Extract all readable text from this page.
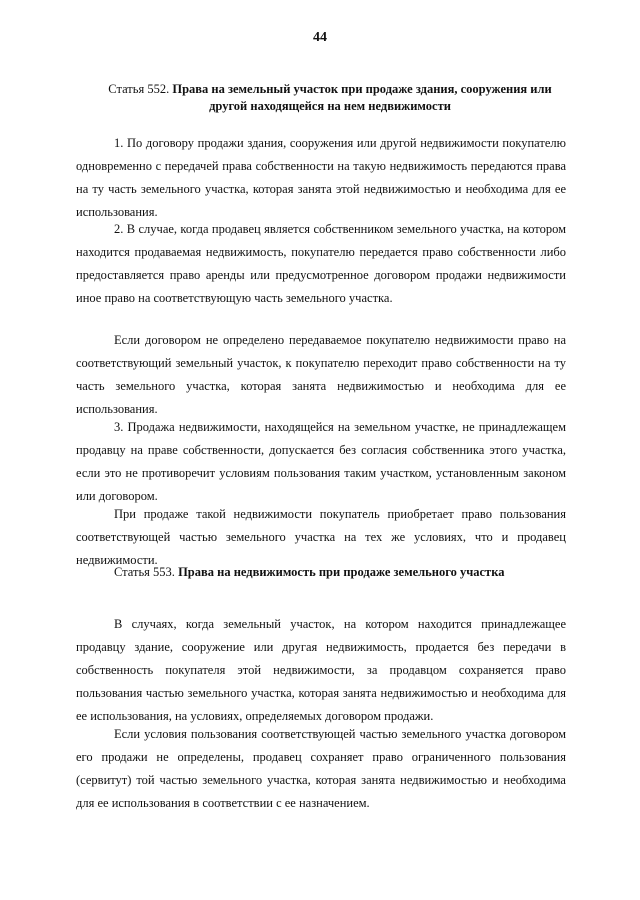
44
Статья 552. Права на земельный участок при продаже здания, сооружения или другой находящейся на нем недвижимости

1. По договору продажи здания, сооружения или другой недвижимости покупателю одновременно с передачей права собственности на такую недвижимость передаются права на ту часть земельного участка, которая занята этой недвижимостью и необходима для ее использования.

2. В случае, когда продавец является собственником земельного участка, на котором находится продаваемая недвижимость, покупателю передается право собственности либо предоставляется право аренды или предусмотренное договором продажи недвижимости иное право на соответствующую часть земельного участка.

Если договором не определено передаваемое покупателю недвижимости право на соответствующий земельный участок, к покупателю переходит право собственности на ту часть земельного участка, которая занята недвижимостью и необходима для ее использования.

3. Продажа недвижимости, находящейся на земельном участке, не принадлежащем продавцу на праве собственности, допускается без согласия собственника этого участка, если это не противоречит условиям пользования таким участком, установленным законом или договором.

При продаже такой недвижимости покупатель приобретает право пользования соответствующей частью земельного участка на тех же условиях, что и продавец недвижимости.

Статья 553. Права на недвижимость при продаже земельного участка

В случаях, когда земельный участок, на котором находится принадлежащее продавцу здание, сооружение или другая недвижимость, продается без передачи в собственность покупателя этой недвижимости, за продавцом сохраняется право пользования частью земельного участка, которая занята недвижимостью и необходима для ее использования, на условиях, определяемых договором продажи.

Если условия пользования соответствующей частью земельного участка договором его продажи не определены, продавец сохраняет право ограниченного пользования (сервитут) той частью земельного участка, которая занята недвижимостью и необходима для ее использования в соответствии с ее назначением.
